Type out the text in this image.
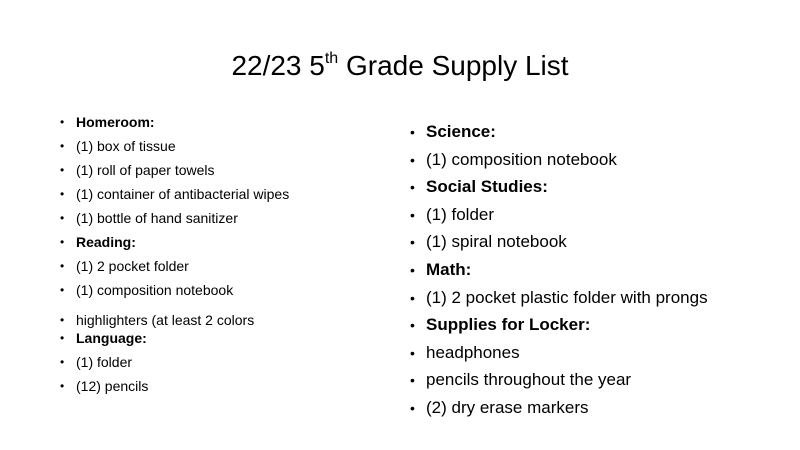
22/23 5th Grade Supply List
• Homeroom:
• (1) box of tissue
• (1) roll of paper towels
• (1) container of antibacterial wipes
• (1) bottle of hand sanitizer
• Reading:
• (1) 2 pocket folder
• (1) composition notebook
• highlighters (at least 2 colors
• Language:
• (1) folder
• (12) pencils
• Science:
• (1) composition notebook
• Social Studies:
• (1) folder
• (1) spiral notebook
• Math:
• (1) 2 pocket plastic folder with prongs
• Supplies for Locker:
• headphones
• pencils throughout the year
• (2) dry erase markers
